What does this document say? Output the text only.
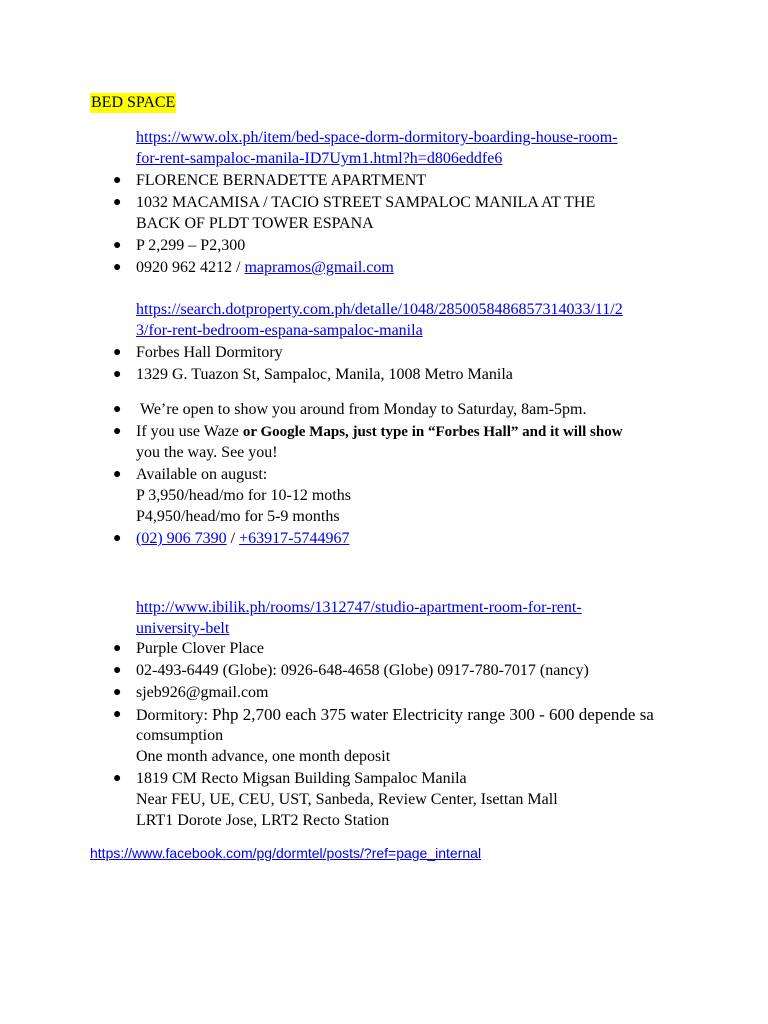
BED SPACE
https://www.olx.ph/item/bed-space-dorm-dormitory-boarding-house-room-
for-rent-sampaloc-manila-ID7Uym1.html?h=d806eddfe6
● FLORENCE BERNADETTE APARTMENT
● 1032 MACAMISA / TACIO STREET SAMPALOC MANILA AT THE
BACK OF PLDT TOWER ESPANA
● P 2,299 – P2,300
● 0920 962 4212 / mapramos@gmail.com
https://search.dotproperty.com.ph/detalle/1048/2850058486857314033/11/2
3/for-rent-bedroom-espana-sampaloc-manila
● Forbes Hall Dormitory
● 1329 G. Tuazon St, Sampaloc, Manila, 1008 Metro Manila
● We’re open to show you around from Monday to Saturday, 8am-5pm.
● If you use Waze or Google Maps, just type in “Forbes Hall” and it will show
you the way. See you!
● Available on august:
P 3,950/head/mo for 10-12 moths
P4,950/head/mo for 5-9 months
● (02) 906 7390 / +63917-5744967
http://www.ibilik.ph/rooms/1312747/studio-apartment-room-for-rent-
university-belt
● Purple Clover Place
● 02-493-6449 (Globe): 0926-648-4658 (Globe) 0917-780-7017 (nancy)
● sjeb926@gmail.com
● Dormitory: Php 2,700 each 375 water Electricity range 300 - 600 depende sa
comsumption
One month advance, one month deposit
● 1819 CM Recto Migsan Building Sampaloc Manila
Near FEU, UE, CEU, UST, Sanbeda, Review Center, Isettan Mall
LRT1 Dorote Jose, LRT2 Recto Station
https://www.facebook.com/pg/dormtel/posts/?ref=page_internal
